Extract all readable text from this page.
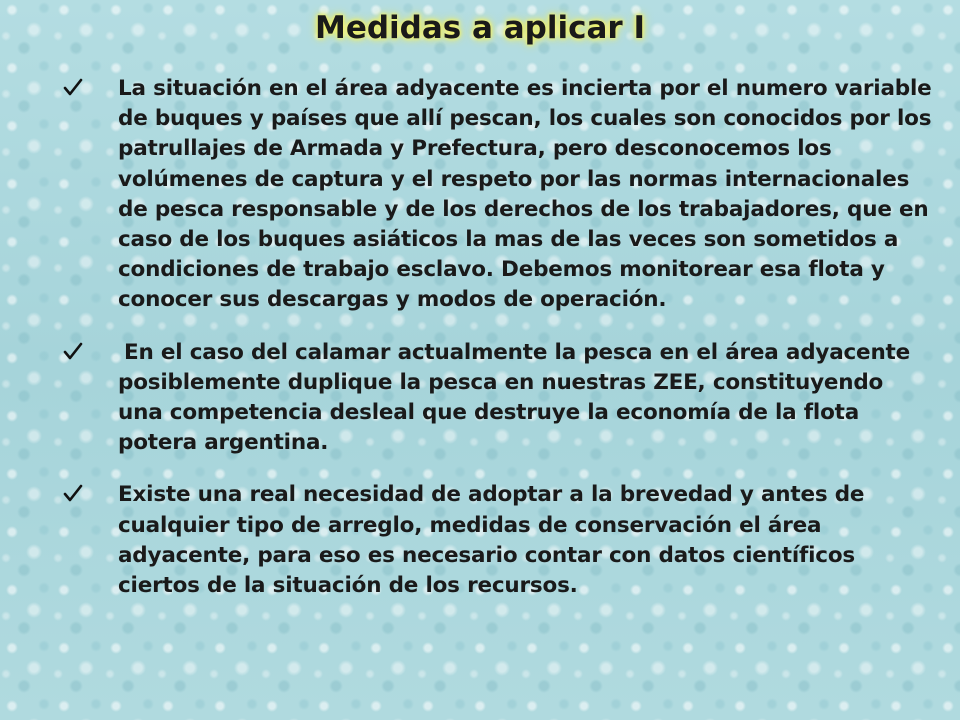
Medidas a aplicar I
La situación en el área adyacente es incierta por el numero variable de buques y países que allí pescan, los cuales son conocidos por los patrullajes de Armada y Prefectura, pero desconocemos los volúmenes de captura y el respeto por las normas internacionales de pesca responsable y de los derechos de los trabajadores, que en caso de los buques asiáticos la mas de las veces son sometidos a condiciones de trabajo esclavo. Debemos monitorear esa flota y conocer sus descargas y modos de operación.
En el caso del calamar actualmente la pesca en el área adyacente posiblemente duplique la pesca en nuestras ZEE, constituyendo una competencia desleal que destruye la economía de la flota potera argentina.
Existe una real necesidad de adoptar a la brevedad y antes de cualquier tipo de arreglo, medidas de conservación el área adyacente, para eso es necesario contar con datos científicos ciertos de la situación de los recursos.
